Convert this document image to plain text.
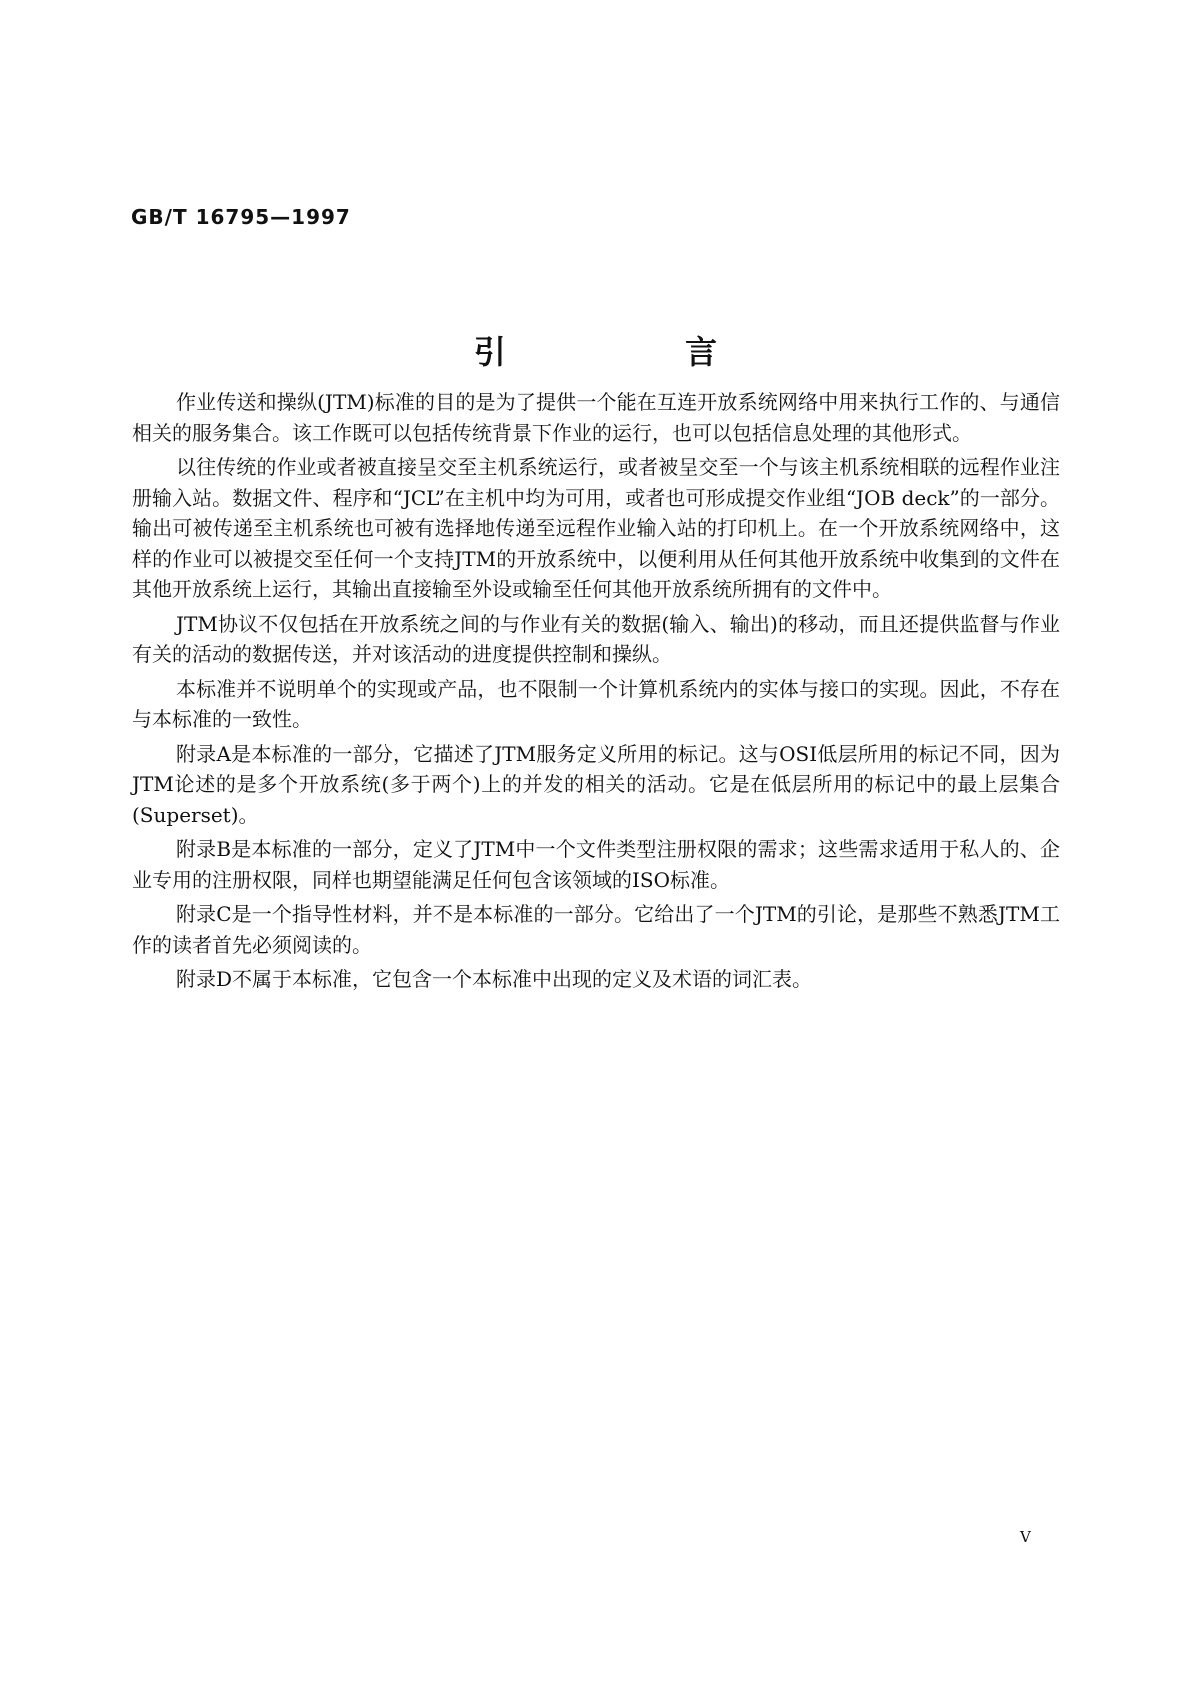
GB/T 16795—1997
引 言

作业传送和操纵(JTM)标准的目的是为了提供一个能在互连开放系统网络中用来执行工作的、与通信相关的服务集合。该工作既可以包括传统背景下作业的运行，也可以包括信息处理的其他形式。

以往传统的作业或者被直接呈交至主机系统运行，或者被呈交至一个与该主机系统相联的远程作业注册输入站。数据文件、程序和“JCL”在主机中均为可用，或者也可形成提交作业组“JOB deck”的一部分。输出可被传递至主机系统也可被有选择地传递至远程作业输入站的打印机上。在一个开放系统网络中，这样的作业可以被提交至任何一个支持JTM的开放系统中，以便利用从任何其他开放系统中收集到的文件在其他开放系统上运行，其输出直接输至外设或输至任何其他开放系统所拥有的文件中。

JTM协议不仅包括在开放系统之间的与作业有关的数据(输入、输出)的移动，而且还提供监督与作业有关的活动的数据传送，并对该活动的进度提供控制和操纵。

本标准并不说明单个的实现或产品，也不限制一个计算机系统内的实体与接口的实现。因此，不存在与本标准的一致性。

附录A是本标准的一部分，它描述了JTM服务定义所用的标记。这与OSI低层所用的标记不同，因为JTM论述的是多个开放系统(多于两个)上的并发的相关的活动。它是在低层所用的标记中的最上层集合(Superset)。

附录B是本标准的一部分，定义了JTM中一个文件类型注册权限的需求；这些需求适用于私人的、企业专用的注册权限，同样也期望能满足任何包含该领域的ISO标准。

附录C是一个指导性材料，并不是本标准的一部分。它给出了一个JTM的引论，是那些不熟悉JTM工作的读者首先必须阅读的。

附录D不属于本标准，它包含一个本标准中出现的定义及术语的词汇表。

V
